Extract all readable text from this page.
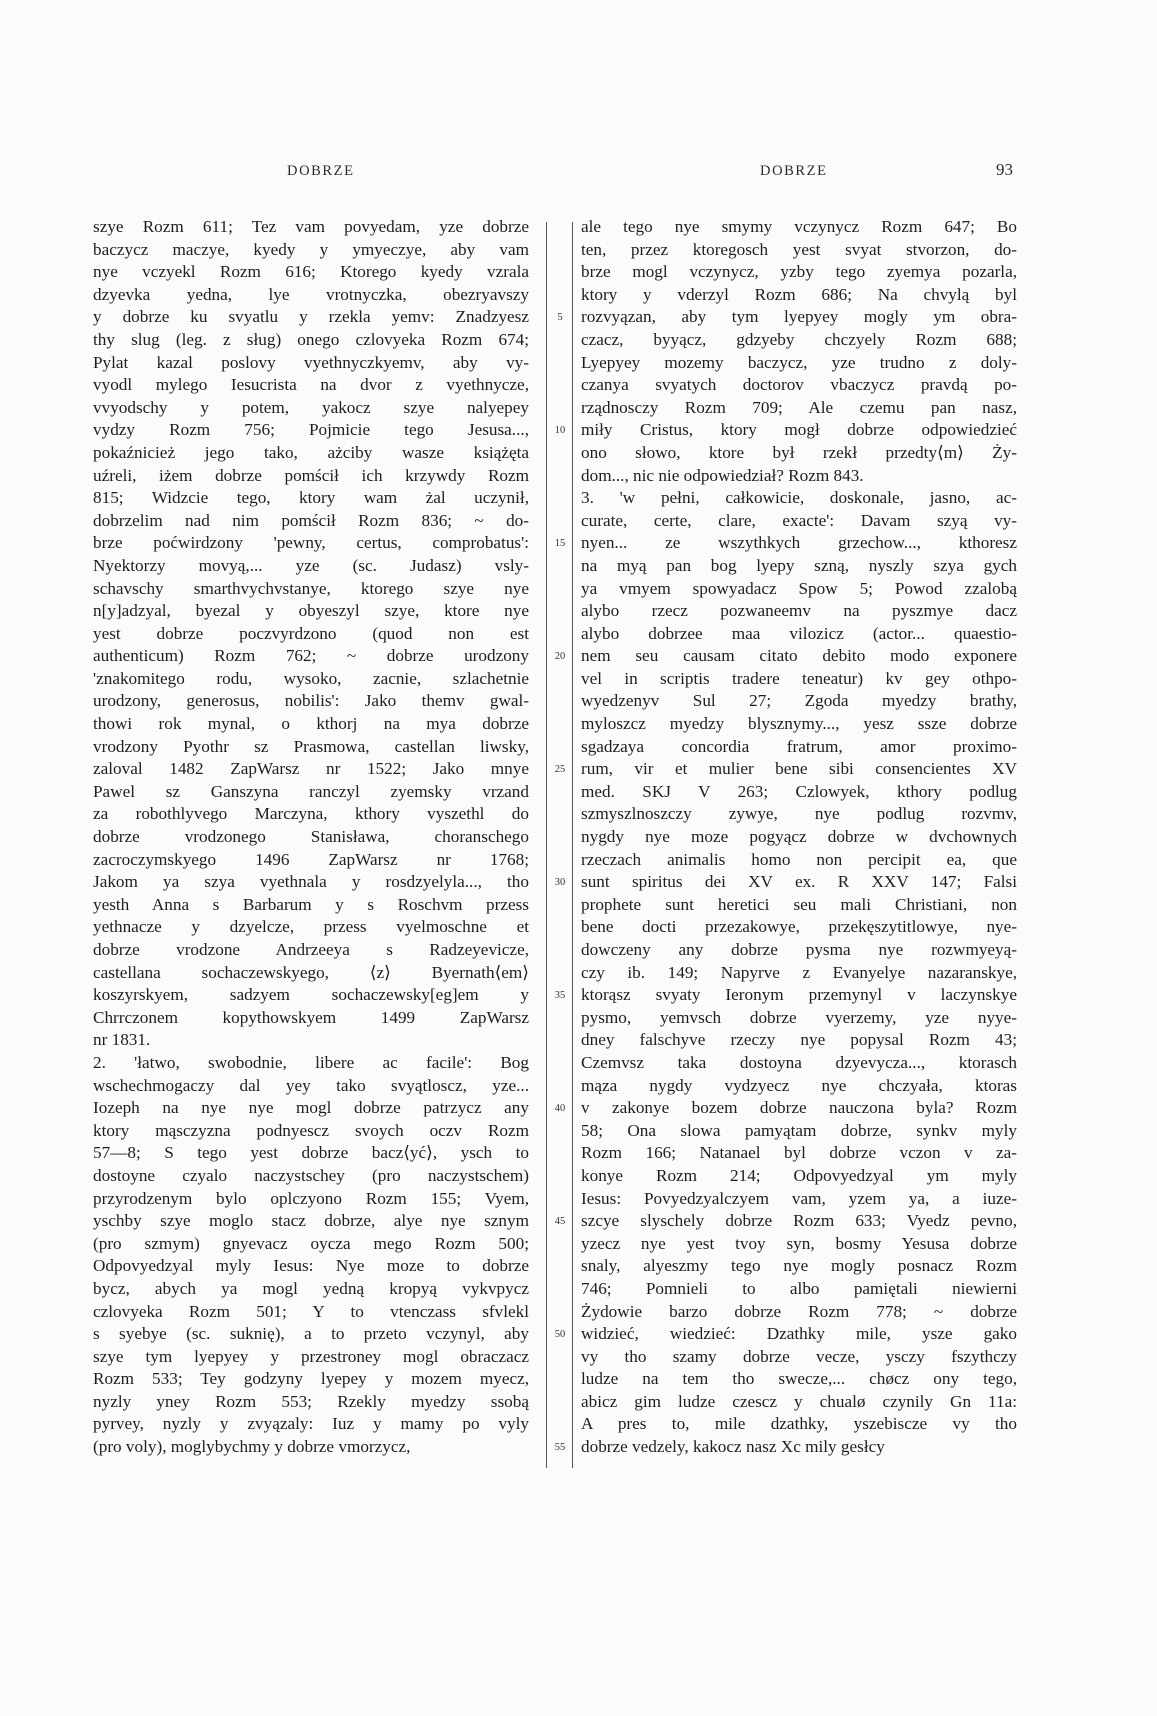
DOBRZE	DOBRZE	93
szye Rozm 611; Tez vam povyedam, yze dobrze
baczycz maczye, kyedy y ymyeczye, aby vam
nye vczyekl Rozm 616; Ktorego kyedy vzrala
dzyevka yedna, lye vrotnyczka, obezryavszy
y dobrze ku svyatlu y rzekla yemv: Znadzyesz
thy slug (leg. z sług) onego czlovyeka Rozm 674;
Pylat kazal poslovy vyethnyczkyemv, aby vy-
vyodl mylego Iesucrista na dvor z vyethnycze,
vvyodschy y potem, yakocz szye nalyepey
vydzy Rozm 756; Pojmicie tego Jesusa...,
pokaźnicież jego tako, ażciby wasze książęta
uźreli, iżem dobrze pomścił ich krzywdy Rozm
815; Widzcie tego, ktory wam żal uczynił,
dobrzelim nad nim pomścił Rozm 836; ~ do-
brze poćwirdzony 'pewny, certus, comprobatus':
Nyektorzy movyą,... yze (sc. Judasz) vsly-
schavschy smarthvychvstanye, ktorego szye nye
n[y]adzyal, byezal y obyeszyl szye, ktore nye
yest dobrze poczvyrdzono (quod non est
authenticum) Rozm 762; ~ dobrze urodzony
'znakomitego rodu, wysoko, zacnie, szlachetnie
urodzony, generosus, nobilis': Jako themv gwal-
thowi rok mynal, o kthorj na mya dobrze
vrodzony Pyothr sz Prasmowa, castellan liwsky,
zaloval 1482 ZapWarsz nr 1522; Jako mnye
Pawel sz Ganszyna ranczyl zyemsky vrzand
za robothlyvego Marczyna, kthory vyszethl do
dobrze vrodzonego Stanisława, choranschego
zacroczymskyego 1496 ZapWarsz nr 1768;
Jakom ya szya vyethnala y rosdzyelyla..., tho
yesth Anna s Barbarum y s Roschvm przess
yethnacze y dzyelcze, przess vyelmoschne et
dobrze vrodzone Andrzeeya s Radzeyevicze,
castellana sochaczewskyego, ⟨z⟩ Byernath⟨em⟩
koszyrskyem, sadzyem sochaczewsky[eg]em y
Chrrczonem kopythowskyem 1499 ZapWarsz
nr 1831.
2. 'łatwo, swobodnie, libere ac facile': Bog
wschechmogaczy dal yey tako svyątloscz, yze...
Iozeph na nye nye mogl dobrze patrzycz any
ktory mąsczyzna podnyescz svoych oczv Rozm
57—8; S tego yest dobrze bacz⟨yć⟩, ysch to
dostoyne czyalo naczystschey (pro naczystschem)
przyrodzenym bylo oplczyono Rozm 155; Vyem,
yschby szye moglo stacz dobrze, alye nye sznym
(pro szmym) gnyevacz oycza mego Rozm 500;
Odpovyedzyal myly Iesus: Nye moze to dobrze
bycz, abych ya mogl yedną kropyą vykvpycz
czlovyeka Rozm 501; Y to vtenczass sfvlekl
s syebye (sc. suknię), a to przeto vczynyl, aby
szye tym lyepyey y przestroney mogl obraczacz
Rozm 533; Tey godzyny lyepey y mozem myecz,
nyzly yney Rozm 553; Rzekly myedzy ssobą
pyrvey, nyzly y zvyązaly: Iuz y mamy po vyly
(pro voly), moglybychmy y dobrze vmorzycz,
5
10
15
20
25
30
35
40
45
50
55
ale tego nye smymy vczynycz Rozm 647; Bo
ten, przez ktoregosch yest svyat stvorzon, do-
brze mogl vczynycz, yzby tego zyemya pozarla,
ktory y vderzyl Rozm 686; Na chvylą byl
rozvyązan, aby tym lyepyey mogly ym obra-
czacz, byyącz, gdzyeby chczyely Rozm 688;
Lyepyey mozemy baczycz, yze trudno z doly-
czanya svyatych doctorov vbaczycz pravdą po-
rządnosczy Rozm 709; Ale czemu pan nasz,
miły Cristus, ktory mogł dobrze odpowiedzieć
ono słowo, ktore był rzekł przedty⟨m⟩ Ży-
dom..., nic nie odpowiedział? Rozm 843.
3. 'w pełni, całkowicie, doskonale, jasno, ac-
curate, certe, clare, exacte': Davam szyą vy-
nyen... ze wszythkych grzechow..., kthoresz
na myą pan bog lyepy szną, nyszly szya gych
ya vmyem spowyadacz Spow 5; Powod zzalobą
alybo rzecz pozwaneemv na pyszmye dacz
alybo dobrzee maa vilozicz (actor... quaestio-
nem seu causam citato debito modo exponere
vel in scriptis tradere teneatur) kv gey othpo-
wyedzenyv Sul 27; Zgoda myedzy brathy,
myloszcz myedzy blysznymy..., yesz ssze dobrze
sgadzaya concordia fratrum, amor proximo-
rum, vir et mulier bene sibi consencientes XV
med. SKJ V 263; Czlowyek, kthory podlug
szmyszlnoszczy zywye, nye podlug rozvmv,
nygdy nye moze pogyącz dobrze w dvchownych
rzeczach animalis homo non percipit ea, que
sunt spiritus dei XV ex. R XXV 147; Falsi
prophete sunt heretici seu mali Christiani, non
bene docti przezakowye, przekęszytitlowye, nye-
dowczeny any dobrze pysma nye rozwmyeyą-
czy ib. 149; Napyrve z Evanyelye nazaranskye,
ktorąsz svyaty Ieronym przemynyl v laczynskye
pysmo, yemvsch dobrze vyerzemy, yze nyye-
dney falschyve rzeczy nye popysal Rozm 43;
Czemvsz taka dostoyna dzyevycza..., ktorasch
mąza nygdy vydzyecz nye chczyała, ktoras
v zakonye bozem dobrze nauczona byla? Rozm
58; Ona slowa pamyątam dobrze, synkv myly
Rozm 166; Natanael byl dobrze vczon v za-
konye Rozm 214; Odpovyedzyal ym myly
Iesus: Povyedzyalczyem vam, yzem ya, a iuze-
szcye slyschely dobrze Rozm 633; Vyedz pevno,
yzecz nye yest tvoy syn, bosmy Yesusa dobrze
snaly, alyeszmy tego nye mogly posnacz Rozm
746; Pomnieli to albo pamiętali niewierni
Żydowie barzo dobrze Rozm 778; ~ dobrze
widzieć, wiedzieć: Dzathky mile, ysze gako
vy tho szamy dobrze vecze, ysczy fszythczy
ludze na tem tho swecze,... chøcz ony tego,
abicz gim ludze czescz y chualø czynily Gn 11a:
A pres to, mile dzathky, yszebiscze vy tho
dobrze vedzely, kakocz nasz Xc mily gesłcy
